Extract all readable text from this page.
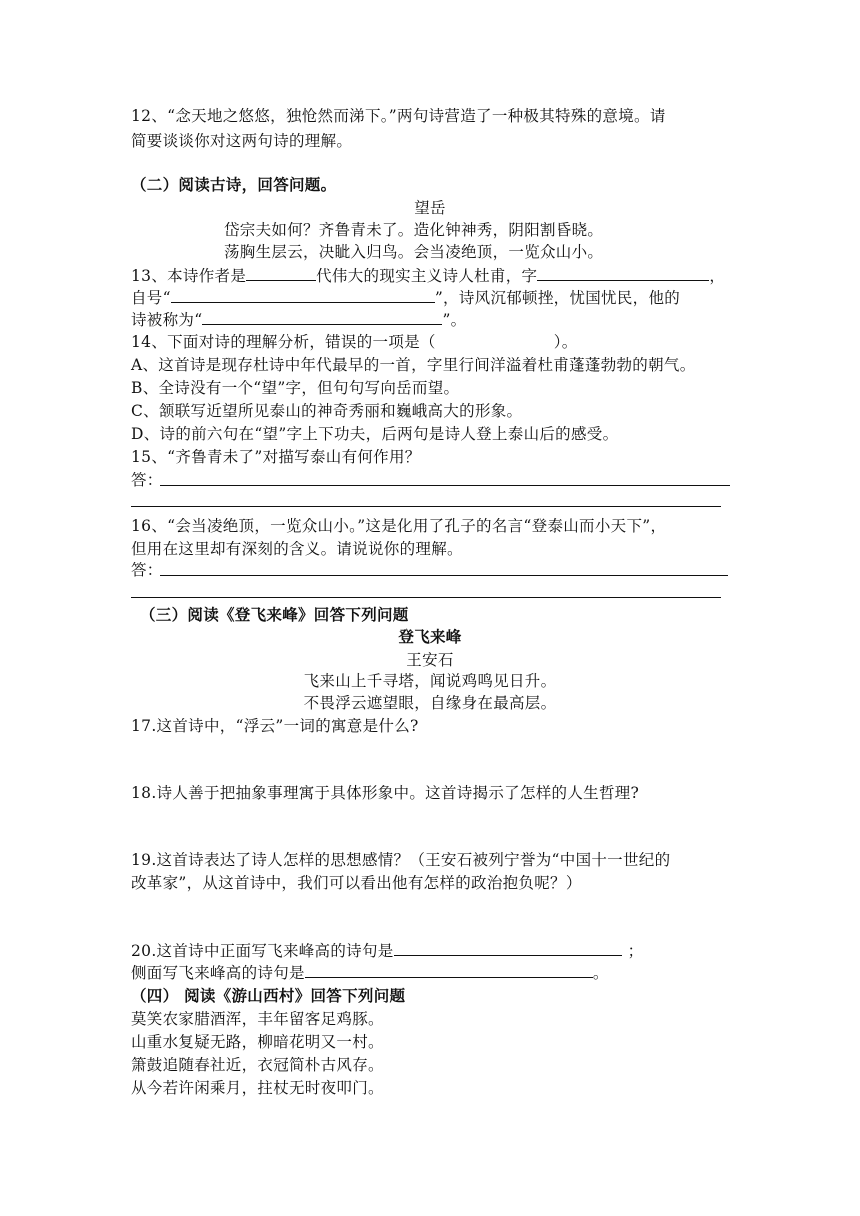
12、“念天地之悠悠，独怆然而涕下。”两句诗营造了一种极其特殊的意境。请
简要谈谈你对这两句诗的理解。
（二）阅读古诗，回答问题。
望岳
岱宗夫如何？齐鲁青未了。造化钟神秀，阴阳割昏晓。
荡胸生层云，决眦入归鸟。会当凌绝顶，一览众山小。
13、本诗作者是	代伟大的现实主义诗人杜甫，字	，
自号“	”，诗风沉郁顿挫，忧国忧民，他的
诗被称为“	”。
14、下面对诗的理解分析，错误的一项是（	）。
A、这首诗是现存杜诗中年代最早的一首，字里行间洋溢着杜甫蓬蓬勃勃的朝气。
B、全诗没有一个“望”字，但句句写向岳而望。
C、颔联写近望所见泰山的神奇秀丽和巍峨高大的形象。
D、诗的前六句在“望”字上下功夫，后两句是诗人登上泰山后的感受。
15、“齐鲁青未了”对描写泰山有何作用？
答：
16、“会当凌绝顶，一览众山小。”这是化用了孔子的名言“登泰山而小天下”，
但用在这里却有深刻的含义。请说说你的理解。
答：
（三）阅读《登飞来峰》回答下列问题
登飞来峰
王安石
飞来山上千寻塔，闻说鸡鸣见日升。
不畏浮云遮望眼，自缘身在最高层。
17.这首诗中，“浮云”一词的寓意是什么?
18.诗人善于把抽象事理寓于具体形象中。这首诗揭示了怎样的人生哲理?
19.这首诗表达了诗人怎样的思想感情？（王安石被列宁誉为“中国十一世纪的
改革家”，从这首诗中，我们可以看出他有怎样的政治抱负呢？）
20.这首诗中正面写飞来峰高的诗句是	；
侧面写飞来峰高的诗句是	。
（四） 阅读《游山西村》回答下列问题
莫笑农家腊酒浑，丰年留客足鸡豚。
山重水复疑无路，柳暗花明又一村。
箫鼓追随春社近，衣冠简朴古风存。
从今若许闲乘月，拄杖无时夜叩门。
